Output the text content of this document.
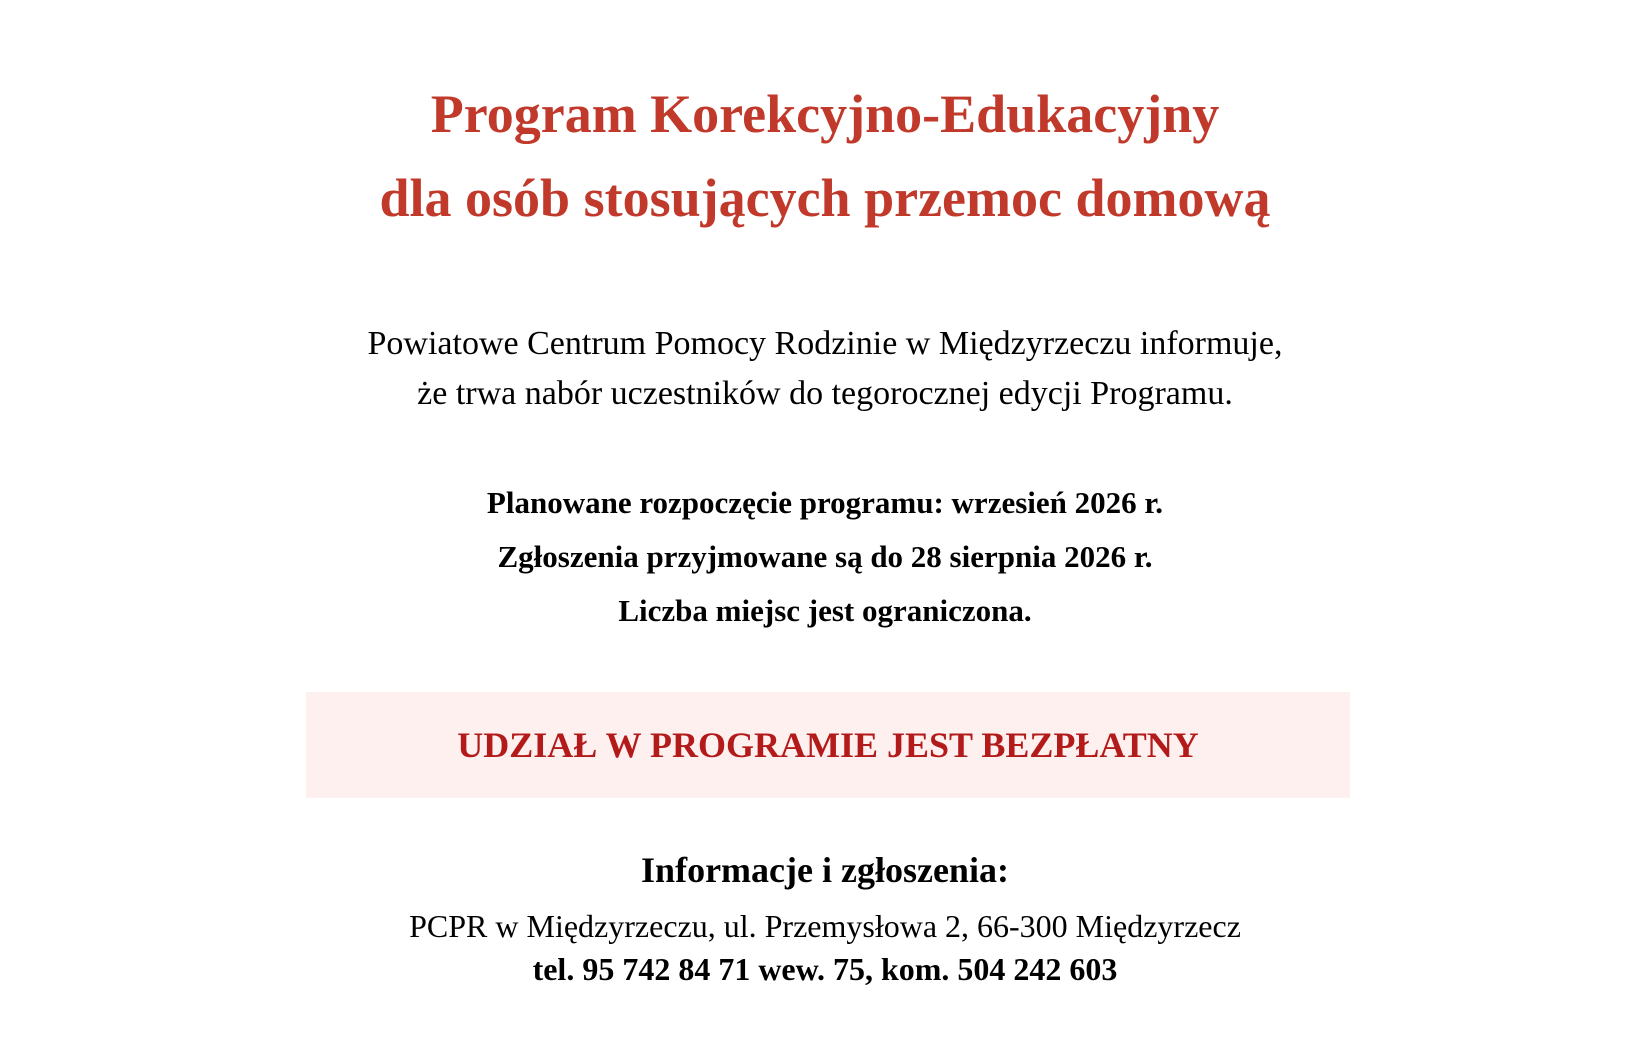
Program Korekcyjno-Edukacyjny
dla osób stosujących przemoc domową
Powiatowe Centrum Pomocy Rodzinie w Międzyrzeczu informuje,
że trwa nabór uczestników do tegorocznej edycji Programu.
Planowane rozpoczęcie programu: wrzesień 2026 r.
Zgłoszenia przyjmowane są do 28 sierpnia 2026 r.
Liczba miejsc jest ograniczona.
UDZIAŁ W PROGRAMIE JEST BEZPŁATNY
Informacje i zgłoszenia:
PCPR w Międzyrzeczu, ul. Przemysłowa 2, 66-300 Międzyrzecz
tel. 95 742 84 71 wew. 75, kom. 504 242 603
